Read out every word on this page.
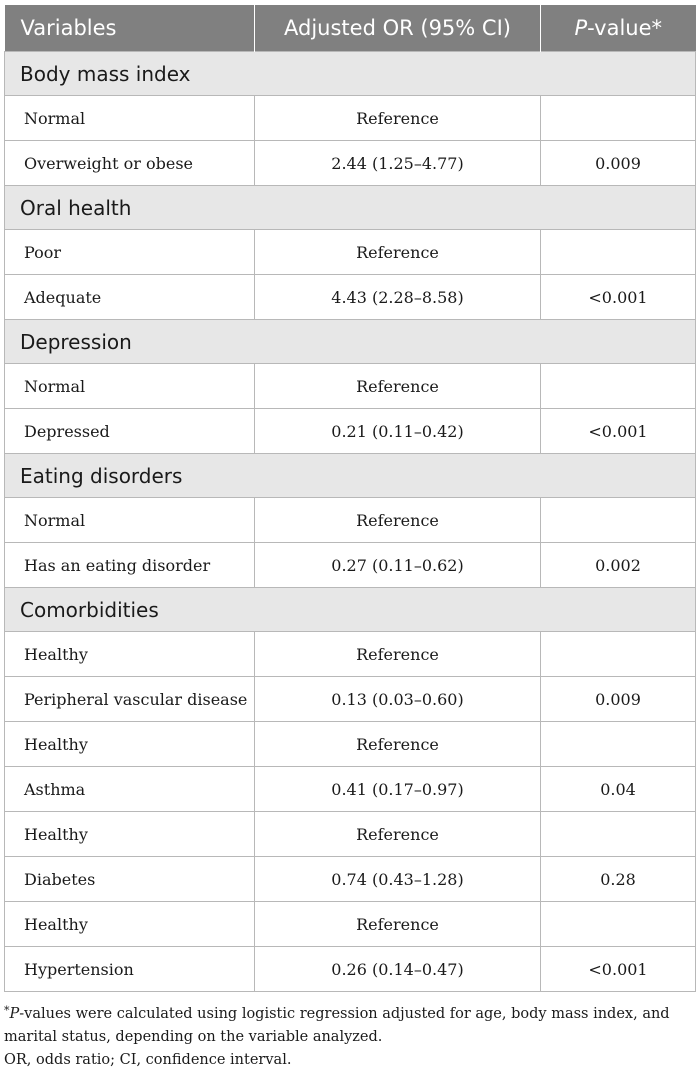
Variables	Adjusted OR (95% CI)	P-value*
Body mass index		
Normal	Reference	
Overweight or obese	2.44 (1.25–4.77)	0.009
Oral health		
Poor	Reference	
Adequate	4.43 (2.28–8.58)	<0.001
Depression		
Normal	Reference	
Depressed	0.21 (0.11–0.42)	<0.001
Eating disorders		
Normal	Reference	
Has an eating disorder	0.27 (0.11–0.62)	0.002
Comorbidities		
Healthy	Reference	
Peripheral vascular disease	0.13 (0.03–0.60)	0.009
Healthy	Reference	
Asthma	0.41 (0.17–0.97)	0.04
Healthy	Reference	
Diabetes	0.74 (0.43–1.28)	0.28
Healthy	Reference	
Hypertension	0.26 (0.14–0.47)	<0.001

*P-values were calculated using logistic regression adjusted for age, body mass index, and marital status, depending on the variable analyzed.

OR, odds ratio; CI, confidence interval.
